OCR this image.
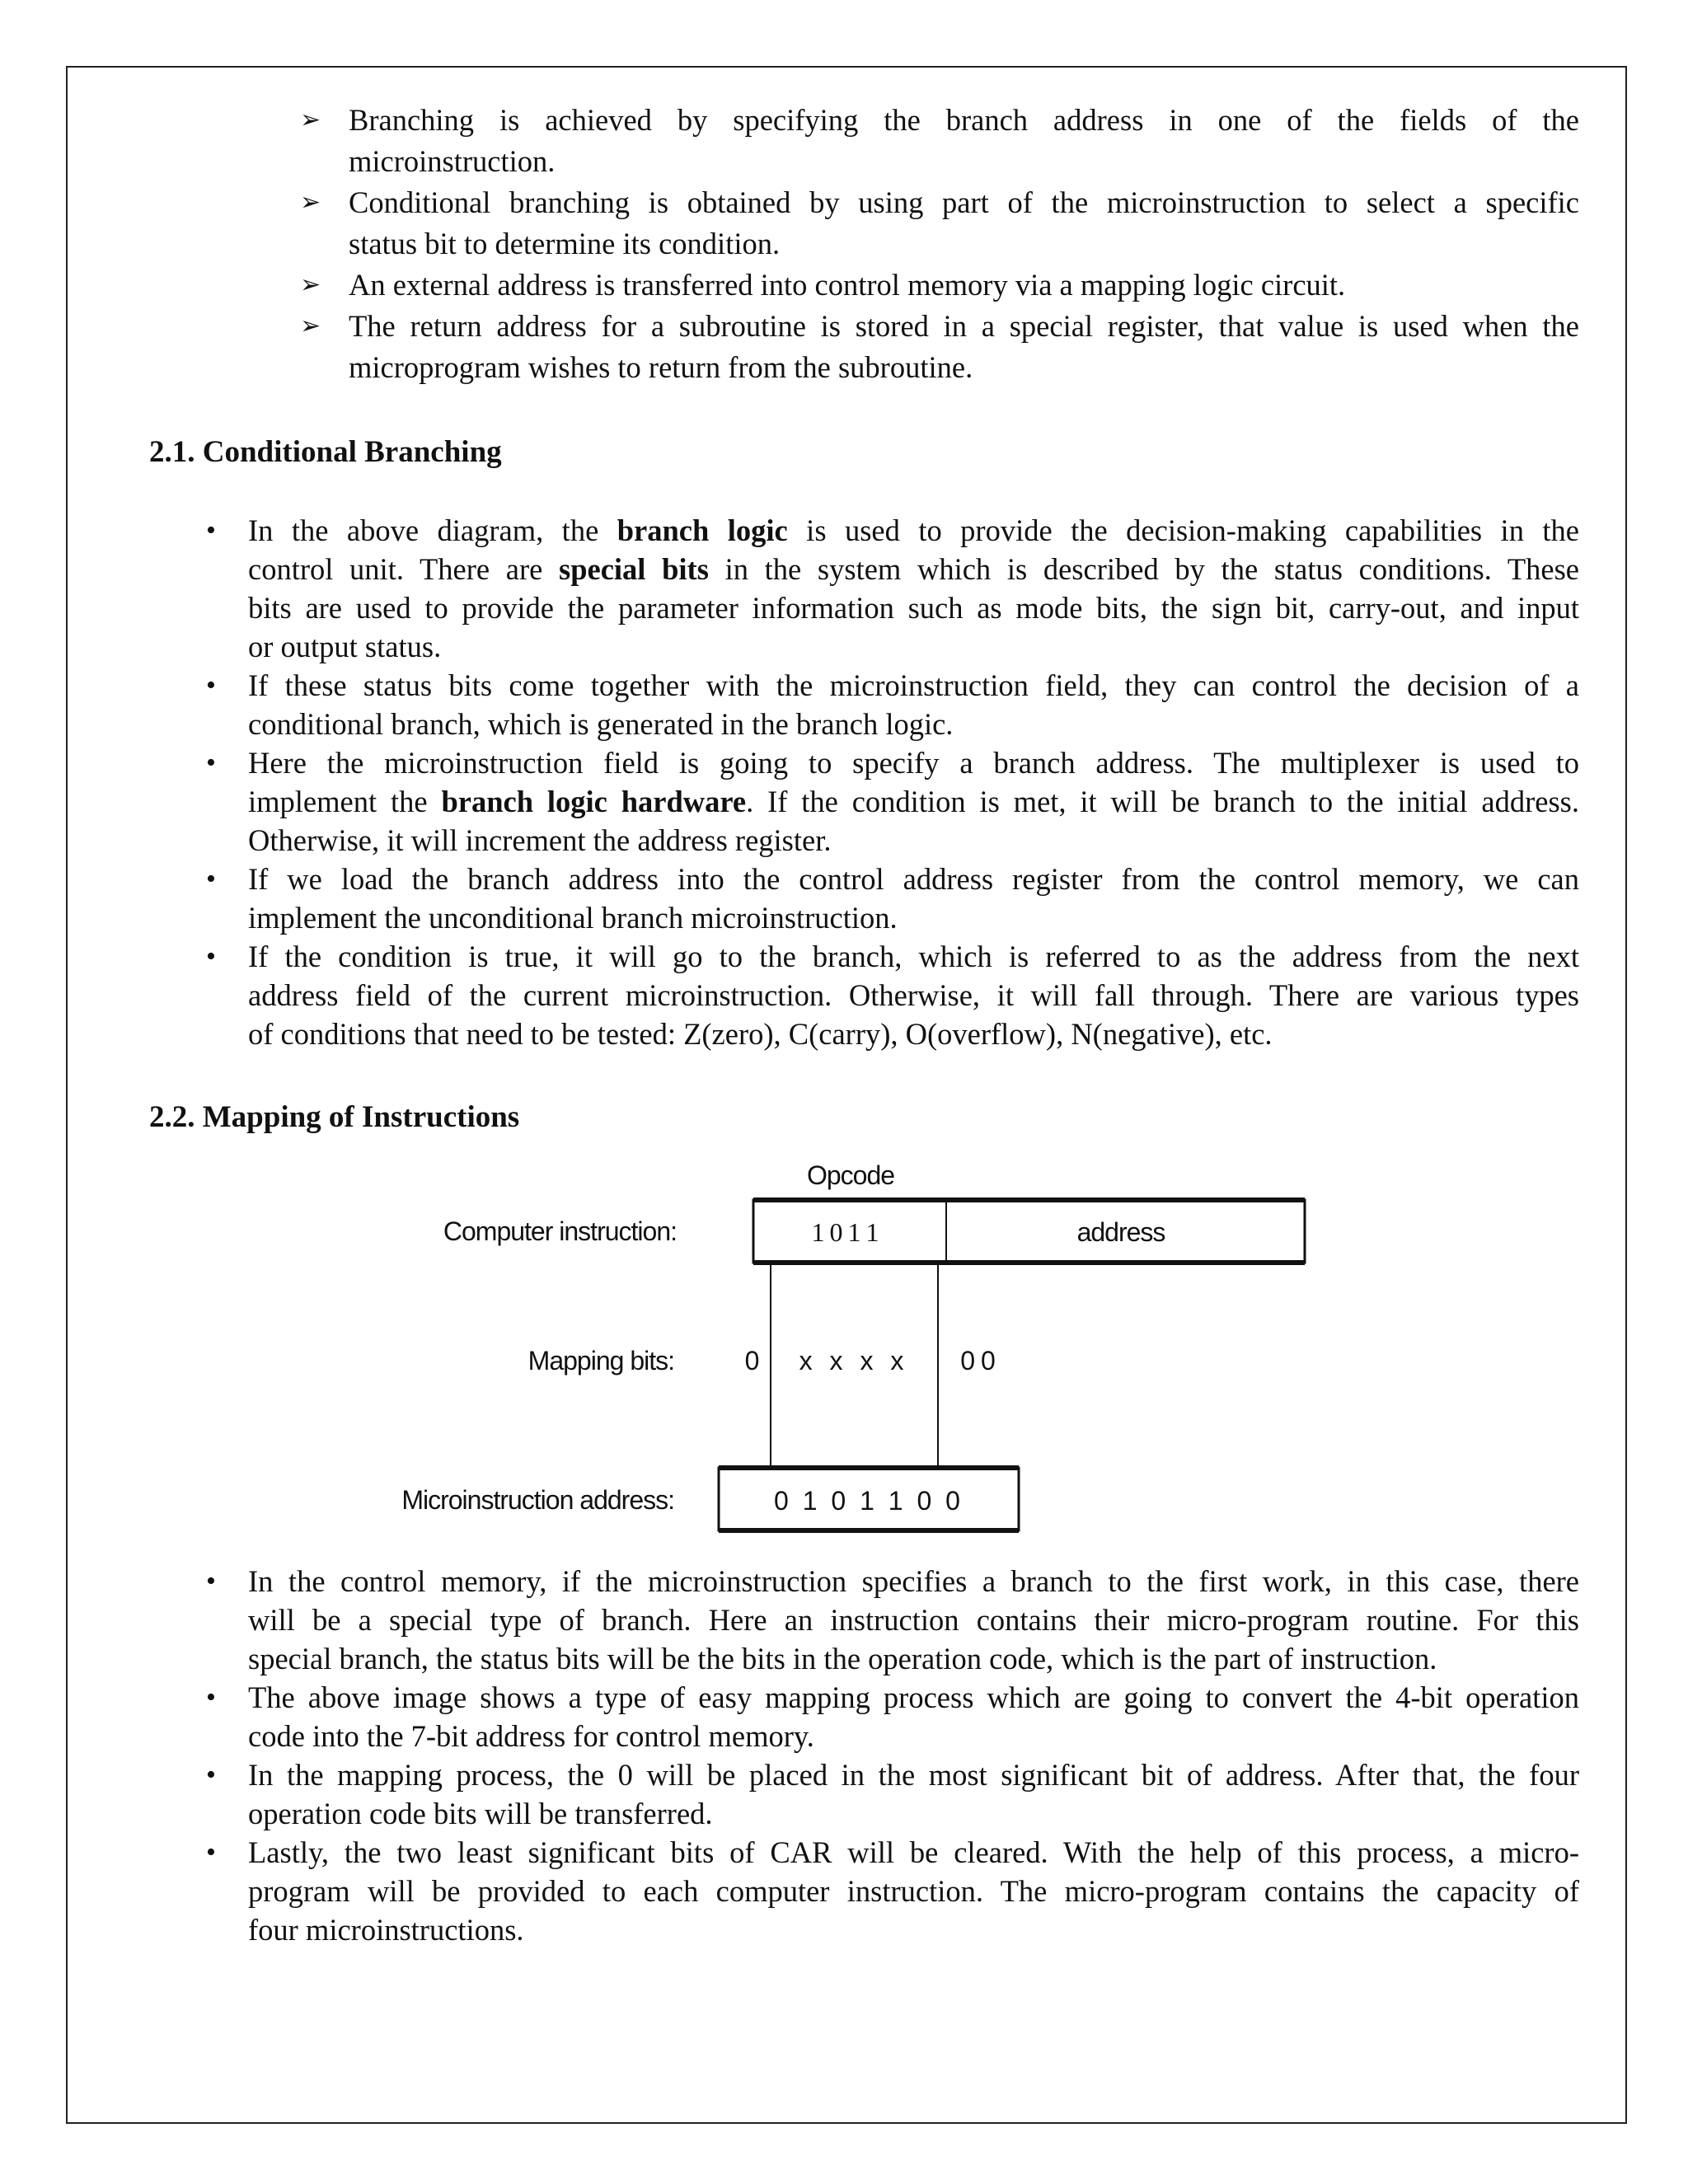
➢ Branching is achieved by specifying the branch address in one of the fields of the
microinstruction.
➢ Conditional branching is obtained by using part of the microinstruction to select a specific
status bit to determine its condition.
➢ An external address is transferred into control memory via a mapping logic circuit.
➢ The return address for a subroutine is stored in a special register, that value is used when the
microprogram wishes to return from the subroutine.
2.1. Conditional Branching
• In the above diagram, the branch logic is used to provide the decision-making capabilities in the
control unit. There are special bits in the system which is described by the status conditions. These
bits are used to provide the parameter information such as mode bits, the sign bit, carry-out, and input
or output status.
• If these status bits come together with the microinstruction field, they can control the decision of a
conditional branch, which is generated in the branch logic.
• Here the microinstruction field is going to specify a branch address. The multiplexer is used to
implement the branch logic hardware. If the condition is met, it will be branch to the initial address.
Otherwise, it will increment the address register.
• If we load the branch address into the control address register from the control memory, we can
implement the unconditional branch microinstruction.
• If the condition is true, it will go to the branch, which is referred to as the address from the next
address field of the current microinstruction. Otherwise, it will fall through. There are various types
of conditions that need to be tested: Z(zero), C(carry), O(overflow), N(negative), etc.
2.2. Mapping of Instructions
Opcode
Computer instruction:	1 0 1 1	address
Mapping bits:	0 x x x x 0 0
Microinstruction address:	0 1 0 1 1 0 0
• In the control memory, if the microinstruction specifies a branch to the first work, in this case, there
will be a special type of branch. Here an instruction contains their micro-program routine. For this
special branch, the status bits will be the bits in the operation code, which is the part of instruction.
• The above image shows a type of easy mapping process which are going to convert the 4-bit operation
code into the 7-bit address for control memory.
• In the mapping process, the 0 will be placed in the most significant bit of address. After that, the four
operation code bits will be transferred.
• Lastly, the two least significant bits of CAR will be cleared. With the help of this process, a micro-
program will be provided to each computer instruction. The micro-program contains the capacity of
four microinstructions.
